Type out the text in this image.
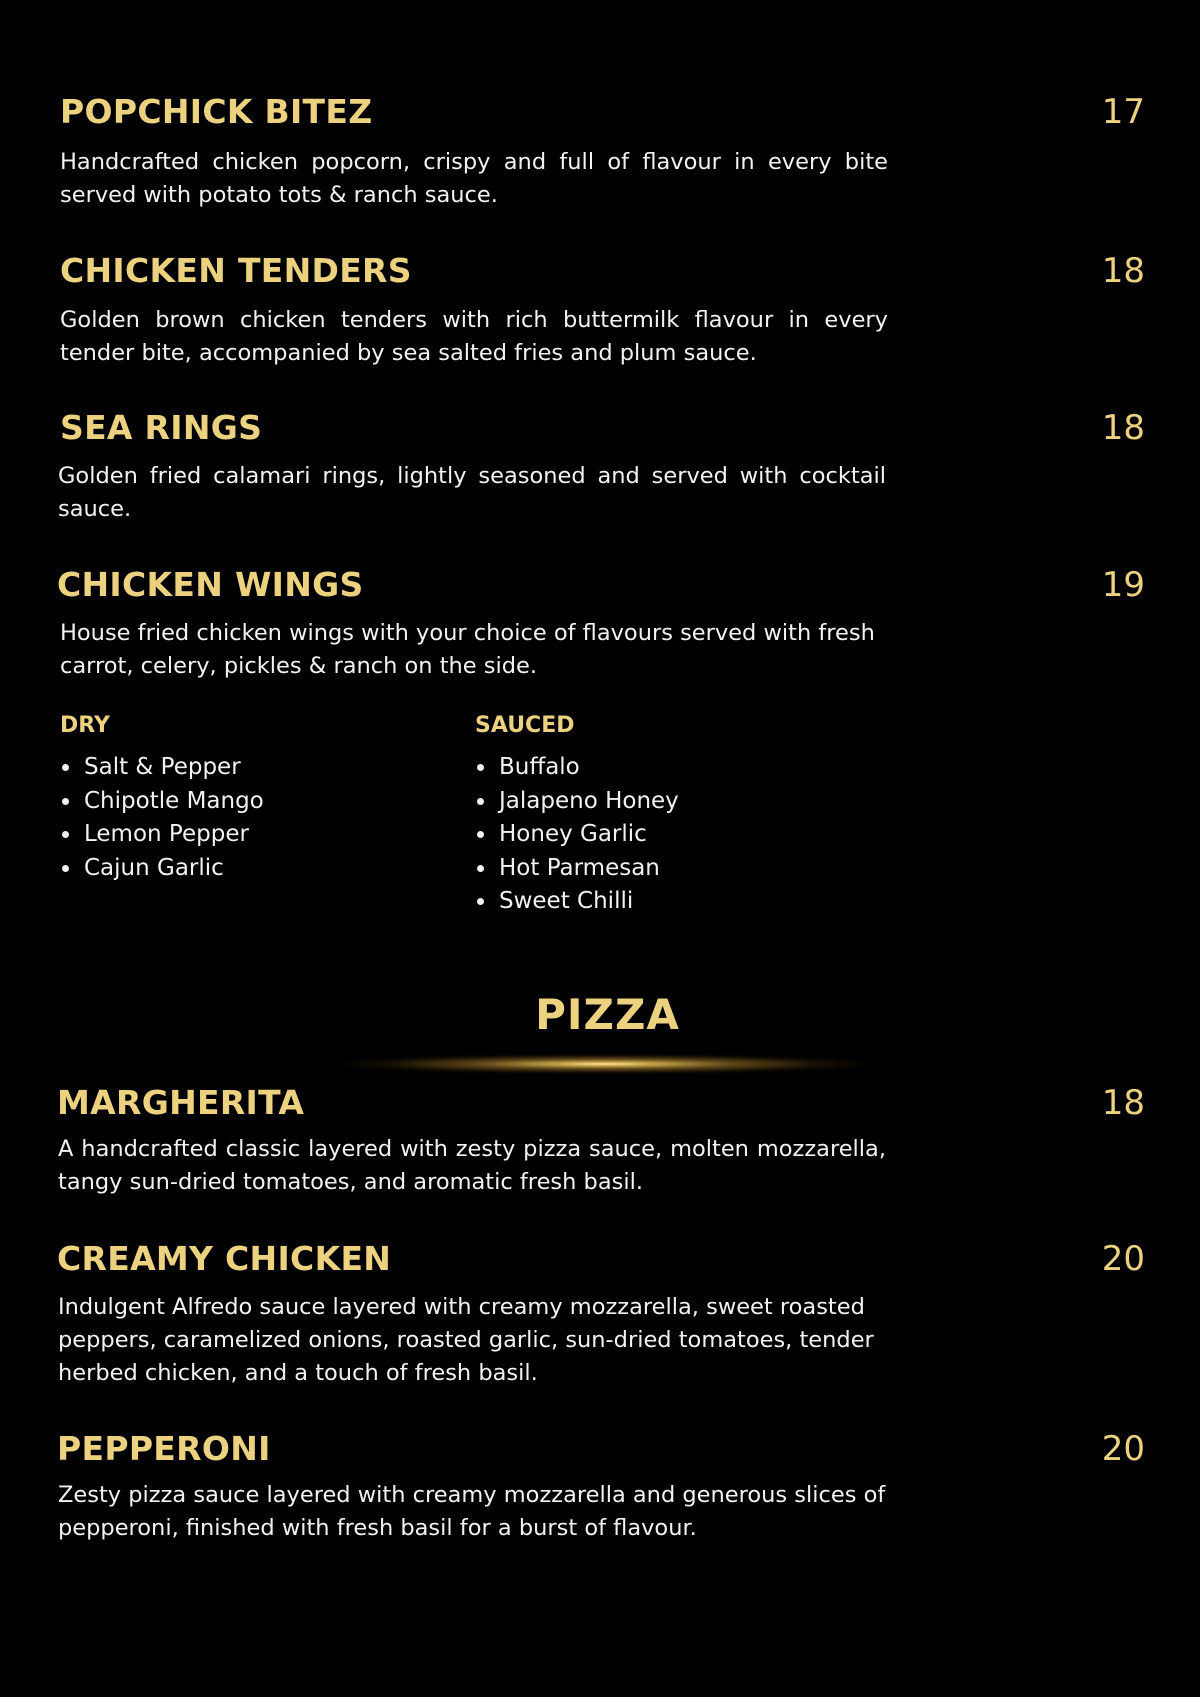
POPCHICK BITEZ	17

Handcrafted chicken popcorn, crispy and full of flavour in every bite served with potato tots & ranch sauce.

CHICKEN TENDERS	18

Golden brown chicken tenders with rich buttermilk flavour in every tender bite, accompanied by sea salted fries and plum sauce.

SEA RINGS	18

Golden fried calamari rings, lightly seasoned and served with cocktail sauce.

CHICKEN WINGS	19

House fried chicken wings with your choice of flavours served with fresh carrot, celery, pickles & ranch on the side.

DRY
• Salt & Pepper
• Chipotle Mango
• Lemon Pepper
• Cajun Garlic
SAUCED
• Buffalo
• Jalapeno Honey
• Honey Garlic
• Hot Parmesan
• Sweet Chilli
PIZZA
MARGHERITA	18

A handcrafted classic layered with zesty pizza sauce, molten mozzarella, tangy sun-dried tomatoes, and aromatic fresh basil.

CREAMY CHICKEN	20

Indulgent Alfredo sauce layered with creamy mozzarella, sweet roasted peppers, caramelized onions, roasted garlic, sun-dried tomatoes, tender herbed chicken, and a touch of fresh basil.

PEPPERONI	20

Zesty pizza sauce layered with creamy mozzarella and generous slices of pepperoni, finished with fresh basil for a burst of flavour.
